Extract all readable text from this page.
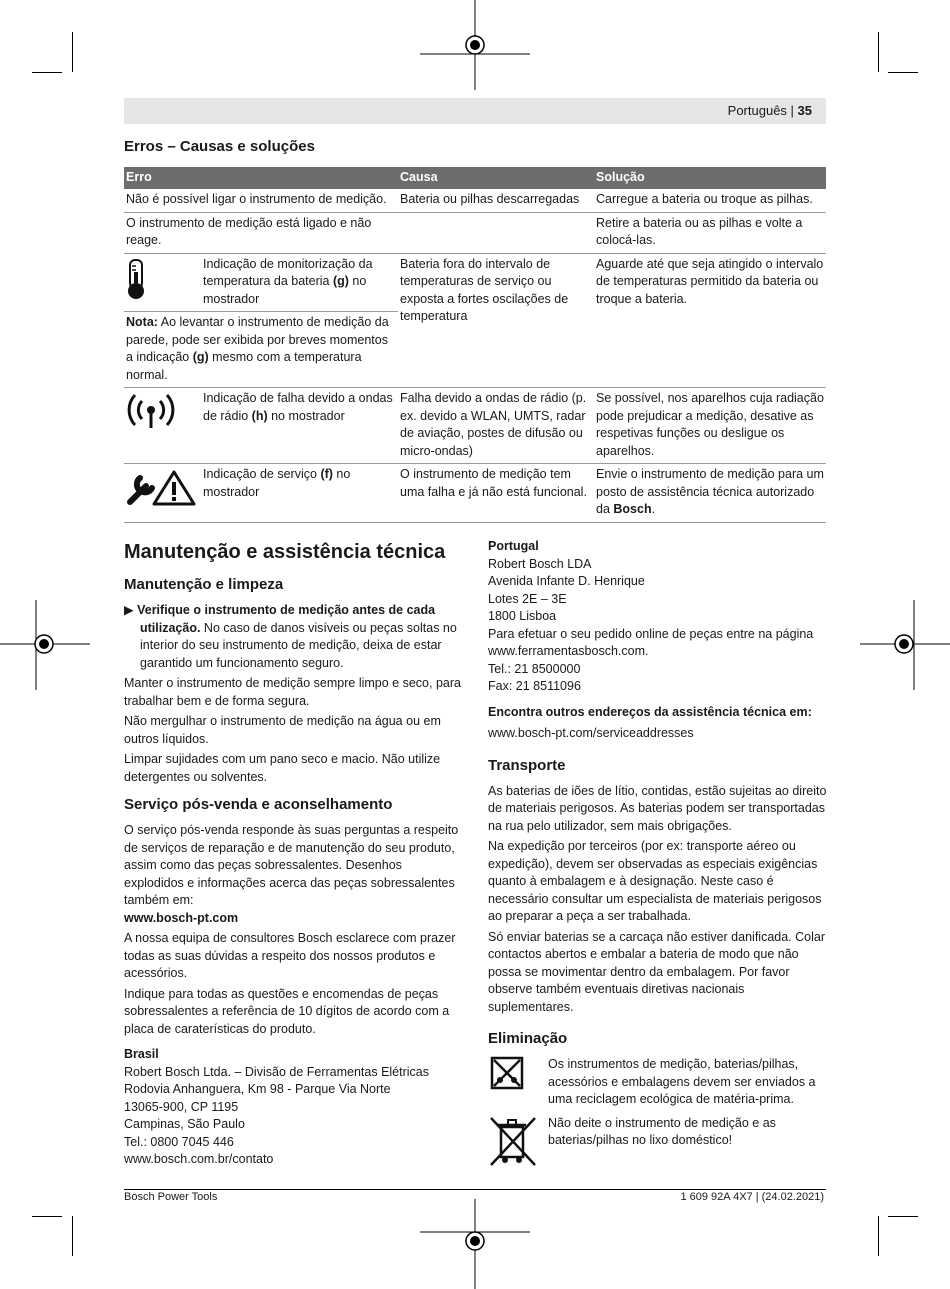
Português | 35
Erros – Causas e soluções
Erro		Causa	Solução
Não é possível ligar o instrumento de medição.		Bateria ou pilhas descarregadas	Carregue a bateria ou troque as pilhas.
O instrumento de medição está ligado e não reage.			Retire a bateria ou as pilhas e volte a colocá-las.
	Indicação de monitorização da temperatura da bateria (g) no mostrador	Bateria fora do intervalo de temperaturas de serviço ou exposta a fortes oscilações de temperatura	Aguarde até que seja atingido o intervalo de temperaturas permitido da bateria ou troque a bateria.
Nota: Ao levantar o instrumento de medição da parede, pode ser exibida por breves momentos a indicação (g) mesmo com a temperatura normal.			
	Indicação de falha devido a ondas de rádio (h) no mostrador	Falha devido a ondas de rádio (p. ex. devido a WLAN, UMTS, radar de aviação, postes de difusão ou micro-ondas)	Se possível, nos aparelhos cuja radiação pode prejudicar a medição, desative as respetivas funções ou desligue os aparelhos.
	Indicação de serviço (f) no mostrador	O instrumento de medição tem uma falha e já não está funcional.	Envie o instrumento de medição para um posto de assistência técnica autorizado da Bosch.
Manutenção e assistência técnica
Manutenção e limpeza

▶ Verifique o instrumento de medição antes de cada utilização. No caso de danos visíveis ou peças soltas no interior do seu instrumento de medição, deixa de estar garantido um funcionamento seguro.

Manter o instrumento de medição sempre limpo e seco, para trabalhar bem e de forma segura.

Não mergulhar o instrumento de medição na água ou em outros líquidos.

Limpar sujidades com um pano seco e macio. Não utilize detergentes ou solventes.

Serviço pós-venda e aconselhamento

O serviço pós-venda responde às suas perguntas a respeito de serviços de reparação e de manutenção do seu produto, assim como das peças sobressalentes. Desenhos explodidos e informações acerca das peças sobressalentes também em:

www.bosch-pt.com

A nossa equipa de consultores Bosch esclarece com prazer todas as suas dúvidas a respeito dos nossos produtos e acessórios.

Indique para todas as questões e encomendas de peças sobressalentes a referência de 10 dígitos de acordo com a placa de caraterísticas do produto.

Brasil

Robert Bosch Ltda. – Divisão de Ferramentas Elétricas
Rodovia Anhanguera, Km 98 - Parque Via Norte
13065-900, CP 1195
Campinas, São Paulo
Tel.: 0800 7045 446
www.bosch.com.br/contato

Portugal

Robert Bosch LDA
Avenida Infante D. Henrique
Lotes 2E – 3E
1800 Lisboa
Para efetuar o seu pedido online de peças entre na página
www.ferramentasbosch.com.
Tel.: 21 8500000
Fax: 21 8511096

Encontra outros endereços da assistência técnica em:

www.bosch-pt.com/serviceaddresses

Transporte

As baterias de iões de lítio, contidas, estão sujeitas ao direito de materiais perigosos. As baterias podem ser transportadas na rua pelo utilizador, sem mais obrigações.

Na expedição por terceiros (por ex: transporte aéreo ou expedição), devem ser observadas as especiais exigências quanto à embalagem e à designação. Neste caso é necessário consultar um especialista de materiais perigosos ao preparar a peça a ser trabalhada.

Só enviar baterias se a carcaça não estiver danificada. Colar contactos abertos e embalar a bateria de modo que não possa se movimentar dentro da embalagem. Por favor observe também eventuais diretivas nacionais suplementares.

Eliminação
Os instrumentos de medição, baterias/pilhas, acessórios e embalagens devem ser enviados a uma reciclagem ecológica de matéria-prima.
Não deite o instrumento de medição e as baterias/pilhas no lixo doméstico!
Bosch Power Tools	1 609 92A 4X7 | (24.02.2021)
